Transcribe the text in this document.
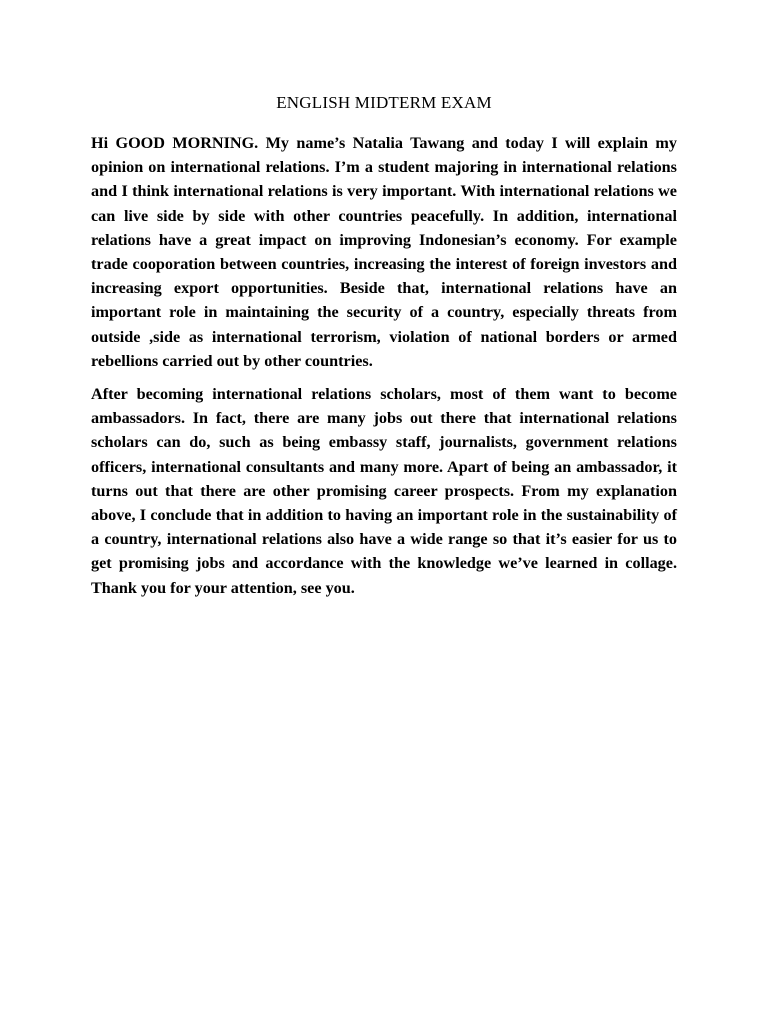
ENGLISH MIDTERM EXAM

Hi GOOD MORNING. My name’s Natalia Tawang and today I will explain my opinion on international relations. I’m a student majoring in international relations and I think international relations is very important. With international relations we can live side by side with other countries peacefully. In addition, international relations have a great impact on improving Indonesian’s economy. For example trade cooporation between countries, increasing the interest of foreign investors and increasing export opportunities. Beside that, international relations have an important role in maintaining the security of a country, especially threats from outside ,side as international terrorism, violation of national borders or armed rebellions carried out by other countries.

After becoming international relations scholars, most of them want to become ambassadors. In fact, there are many jobs out there that international relations scholars can do, such as being embassy staff, journalists, government relations officers, international consultants and many more. Apart of being an ambassador, it turns out that there are other promising career prospects. From my explanation above, I conclude that in addition to having an important role in the sustainability of a country, international relations also have a wide range so that it’s easier for us to get promising jobs and accordance with the knowledge we’ve learned in collage. Thank you for your attention, see you.
